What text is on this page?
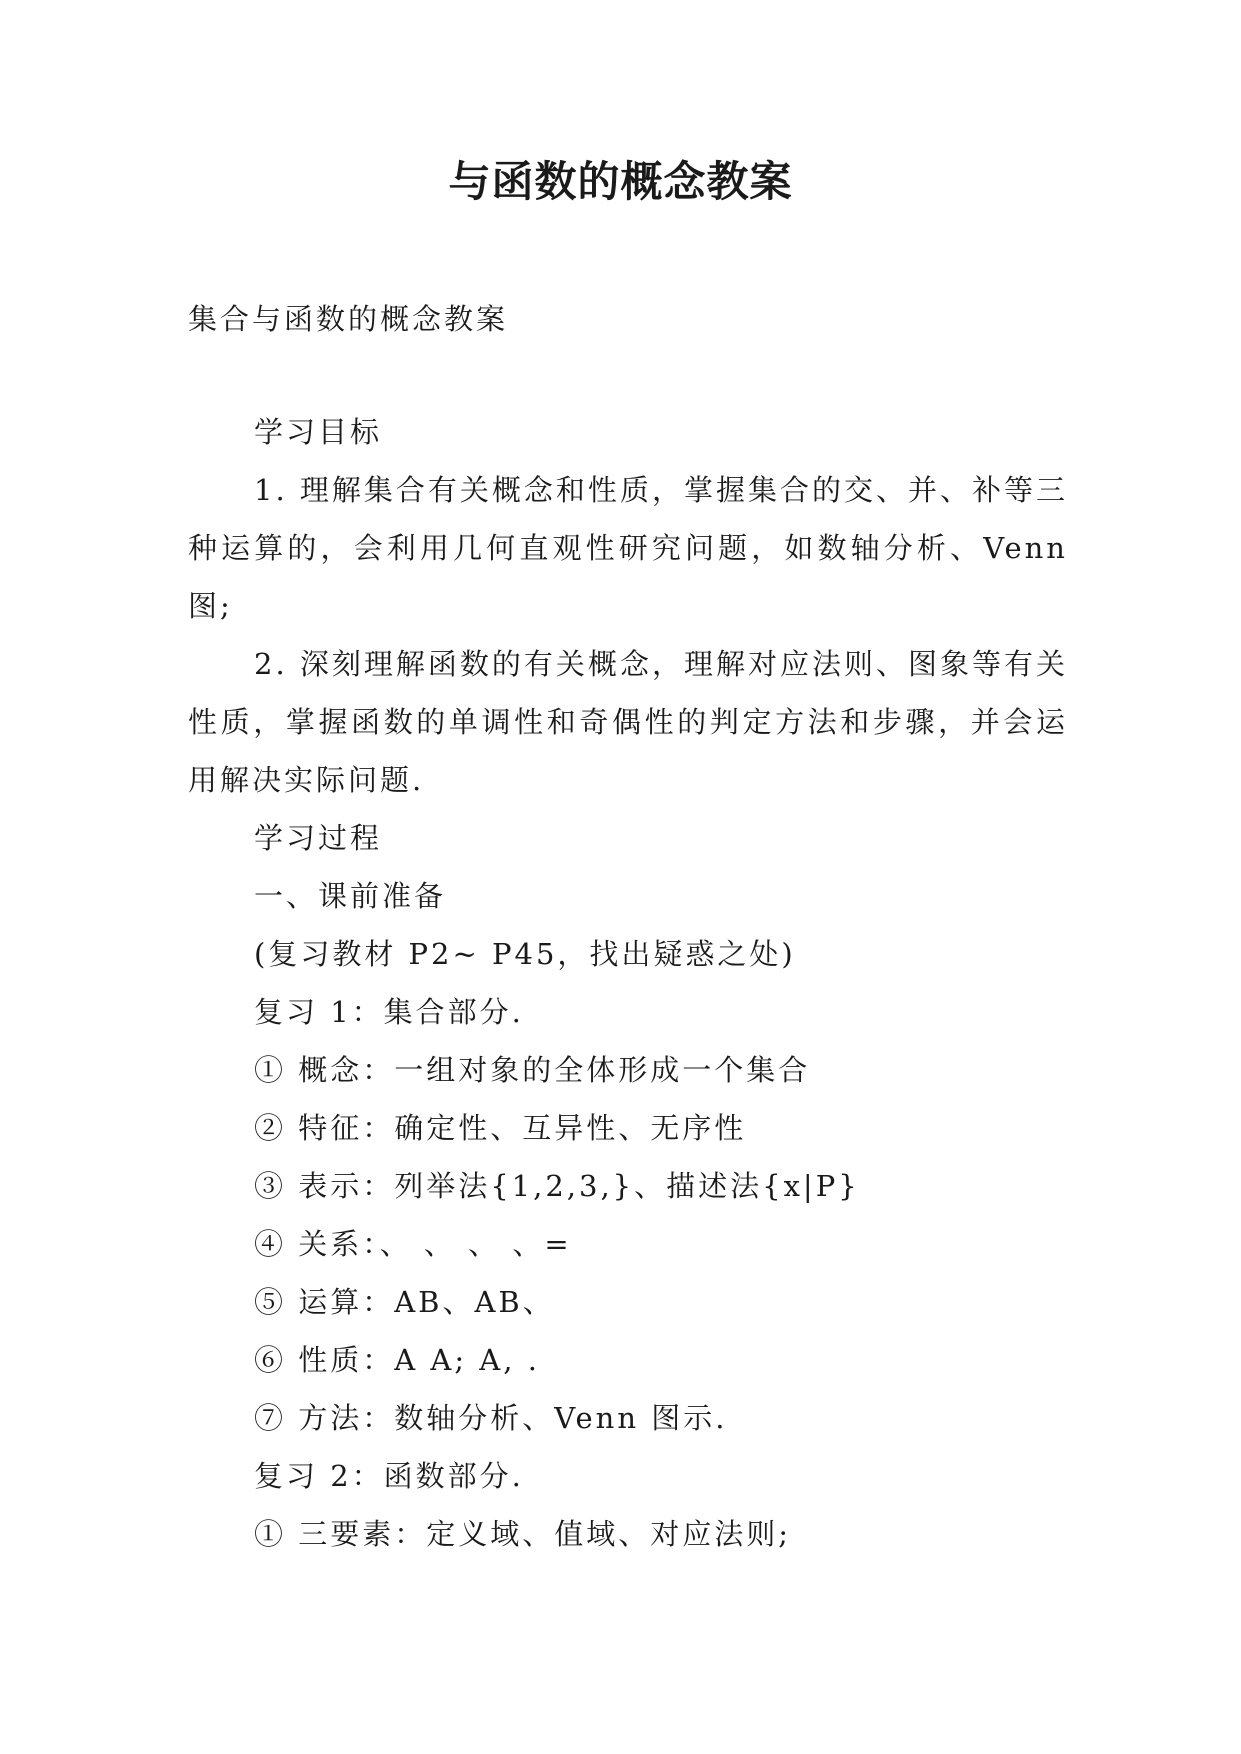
与函数的概念教案

集合与函数的概念教案

学习目标

1. 理解集合有关概念和性质，掌握集合的交、并、补等三种运算的，会利用几何直观性研究问题，如数轴分析、Venn 图;

2. 深刻理解函数的有关概念，理解对应法则、图象等有关性质，掌握函数的单调性和奇偶性的判定方法和步骤，并会运用解决实际问题.

学习过程

一、课前准备

(复习教材 P2~ P45，找出疑惑之处)

复习 1：集合部分.

① 概念：一组对象的全体形成一个集合

② 特征：确定性、互异性、无序性

③ 表示：列举法{1,2,3,}、描述法{x|P}

④ 关系：、 、 、 、=

⑤ 运算：AB、AB、

⑥ 性质：A A; A, .

⑦ 方法：数轴分析、Venn 图示.

复习 2：函数部分.

① 三要素：定义域、值域、对应法则;
